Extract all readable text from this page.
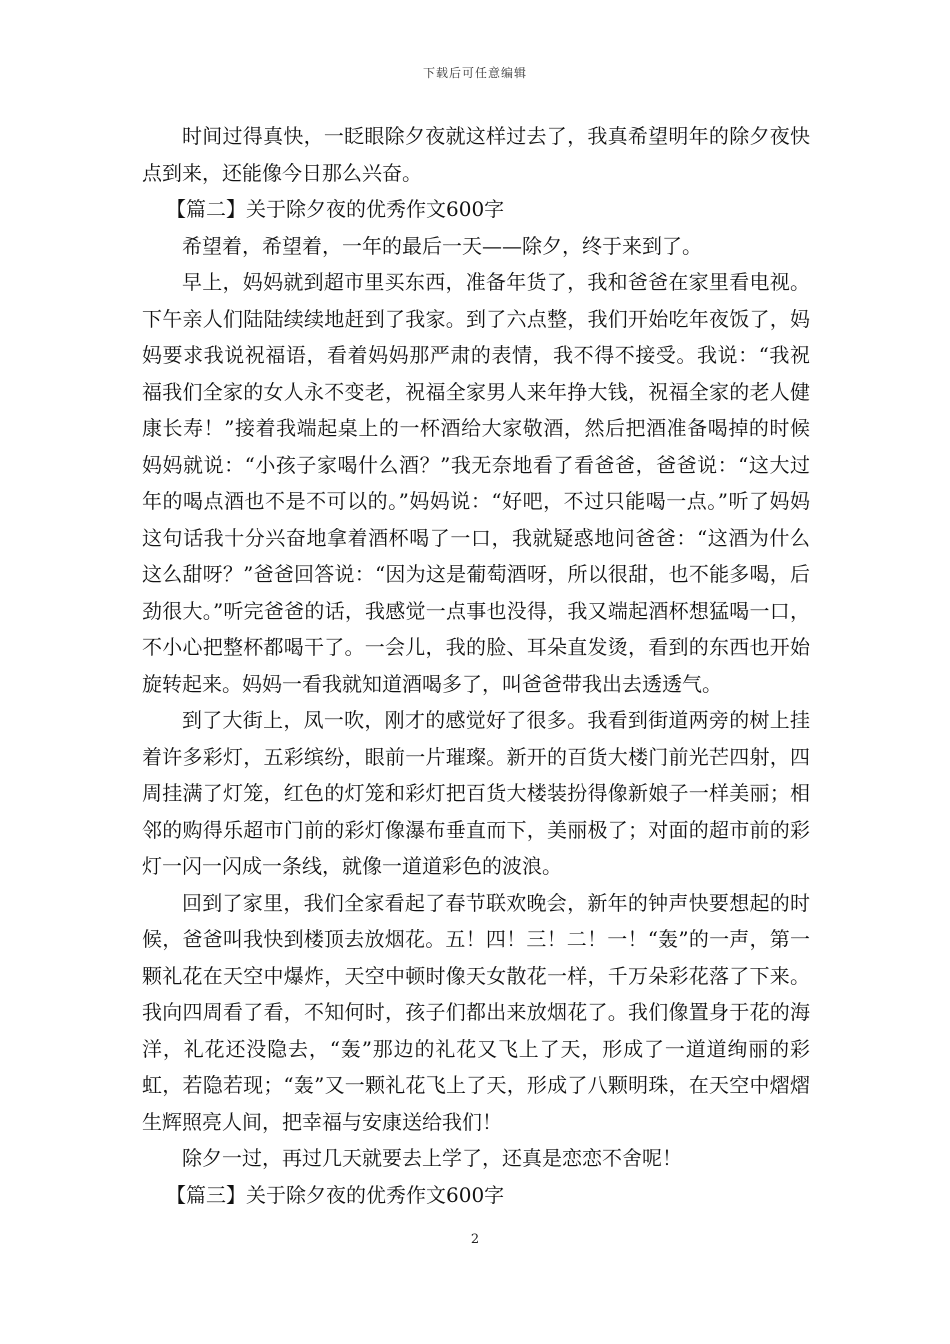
下载后可任意编辑

时间过得真快，一眨眼除夕夜就这样过去了，我真希望明年的除夕夜快点到来，还能像今日那么兴奋。

【篇二】关于除夕夜的优秀作文600字

希望着，希望着，一年的最后一天——除夕，终于来到了。

早上，妈妈就到超市里买东西，准备年货了，我和爸爸在家里看电视。下午亲人们陆陆续续地赶到了我家。到了六点整，我们开始吃年夜饭了，妈妈要求我说祝福语，看着妈妈那严肃的表情，我不得不接受。我说：“我祝福我们全家的女人永不变老，祝福全家男人来年挣大钱，祝福全家的老人健康长寿！”接着我端起桌上的一杯酒给大家敬酒，然后把酒准备喝掉的时候妈妈就说：“小孩子家喝什么酒？”我无奈地看了看爸爸，爸爸说：“这大过年的喝点酒也不是不可以的。”妈妈说：“好吧，不过只能喝一点。”听了妈妈这句话我十分兴奋地拿着酒杯喝了一口，我就疑惑地问爸爸：“这酒为什么这么甜呀？”爸爸回答说：“因为这是葡萄酒呀，所以很甜，也不能多喝，后劲很大。”听完爸爸的话，我感觉一点事也没得，我又端起酒杯想猛喝一口，不小心把整杯都喝干了。一会儿，我的脸、耳朵直发烫，看到的东西也开始旋转起来。妈妈一看我就知道酒喝多了，叫爸爸带我出去透透气。

到了大街上，凤一吹，刚才的感觉好了很多。我看到街道两旁的树上挂着许多彩灯，五彩缤纷，眼前一片璀璨。新开的百货大楼门前光芒四射，四周挂满了灯笼，红色的灯笼和彩灯把百货大楼装扮得像新娘子一样美丽；相邻的购得乐超市门前的彩灯像瀑布垂直而下，美丽极了；对面的超市前的彩灯一闪一闪成一条线，就像一道道彩色的波浪。

回到了家里，我们全家看起了春节联欢晚会，新年的钟声快要想起的时候，爸爸叫我快到楼顶去放烟花。五！四！三！二！一！“轰”的一声，第一颗礼花在天空中爆炸，天空中顿时像天女散花一样，千万朵彩花落了下来。我向四周看了看，不知何时，孩子们都出来放烟花了。我们像置身于花的海洋，礼花还没隐去，“轰”那边的礼花又飞上了天，形成了一道道绚丽的彩虹，若隐若现；“轰”又一颗礼花飞上了天，形成了八颗明珠，在天空中熠熠生辉照亮人间，把幸福与安康送给我们！

除夕一过，再过几天就要去上学了，还真是恋恋不舍呢！

【篇三】关于除夕夜的优秀作文600字

2
